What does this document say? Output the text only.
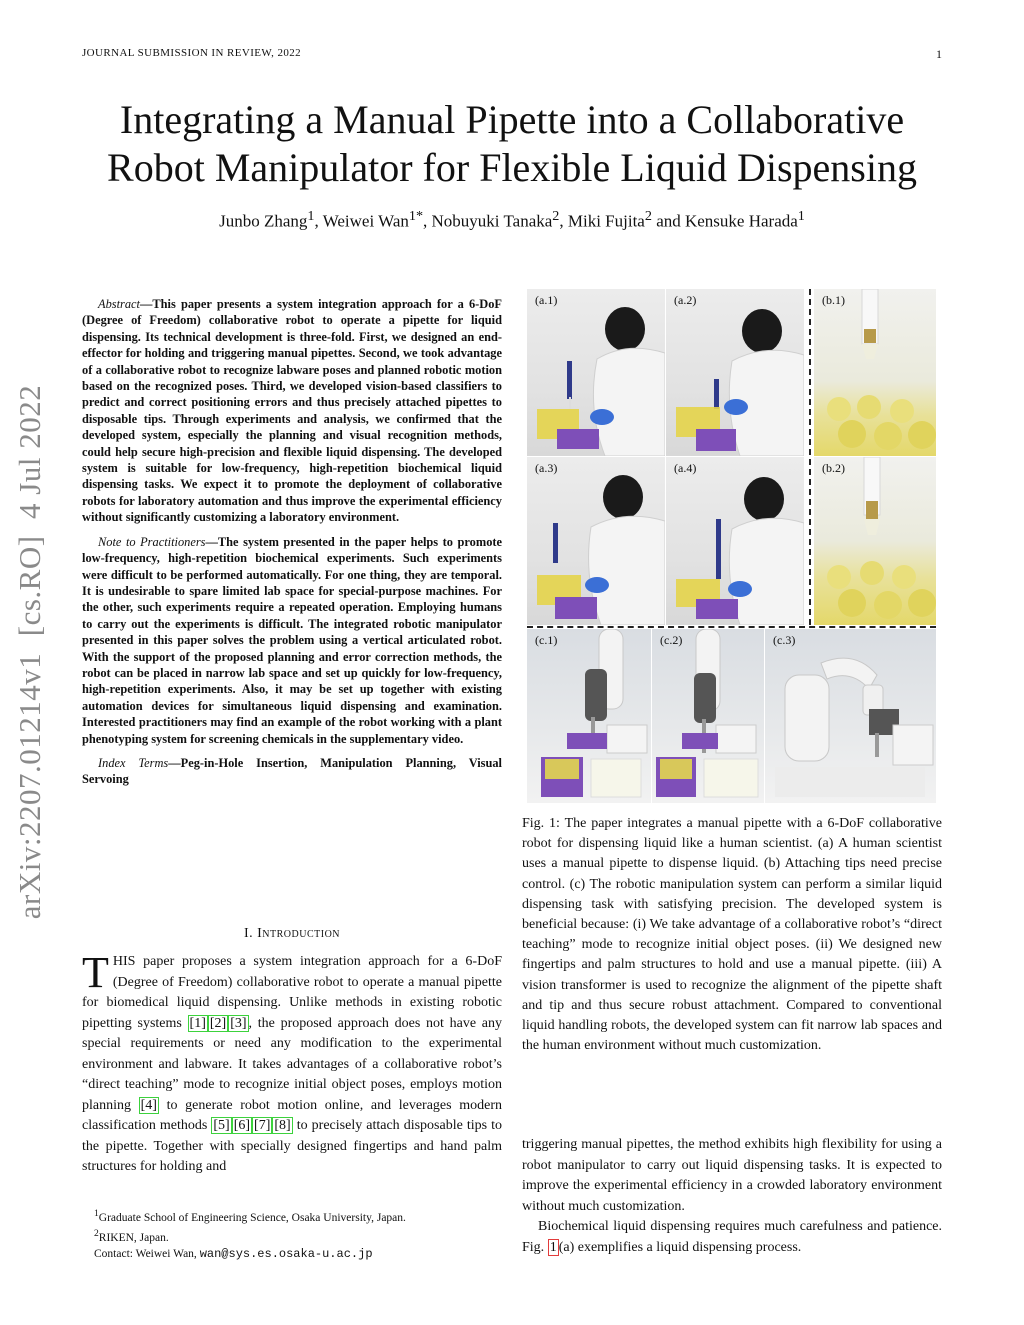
JOURNAL SUBMISSION IN REVIEW, 2022	1
Integrating a Manual Pipette into a Collaborative
Robot Manipulator for Flexible Liquid Dispensing
Junbo Zhang$^1$, Weiwei Wan$^{1*}$, Nobuyuki Tanaka$^2$, Miki Fujita$^2$ and Kensuke Harada$^1$
arXiv:2207.01214v1  [cs.RO]  4 Jul 2022

Abstract—This paper presents a system integration approach for a 6-DoF (Degree of Freedom) collaborative robot to operate a pipette for liquid dispensing. Its technical development is three-fold. First, we designed an end-effector for holding and triggering manual pipettes. Second, we took advantage of a collaborative robot to recognize labware poses and planned robotic motion based on the recognized poses. Third, we developed vision-based classifiers to predict and correct positioning errors and thus precisely attached pipettes to disposable tips. Through experiments and analysis, we confirmed that the developed system, especially the planning and visual recognition methods, could help secure high-precision and flexible liquid dispensing. The developed system is suitable for low-frequency, high-repetition biochemical liquid dispensing tasks. We expect it to promote the deployment of collaborative robots for laboratory automation and thus improve the experimental efficiency without significantly customizing a laboratory environment.

Note to Practitioners—The system presented in the paper helps to promote low-frequency, high-repetition biochemical experiments. Such experiments were difficult to be performed automatically. For one thing, they are temporal. It is undesirable to spare limited lab space for special-purpose machines. For the other, such experiments require a repeated operation. Employing humans to carry out the experiments is difficult. The integrated robotic manipulator presented in this paper solves the problem using a vertical articulated robot. With the support of the proposed planning and error correction methods, the robot can be placed in narrow lab space and set up quickly for low-frequency, high-repetition experiments. Also, it may be set up together with existing automation devices for simultaneous liquid dispensing and examination. Interested practitioners may find an example of the robot working with a plant phenotyping system for screening chemicals in the supplementary video.

Index Terms—Peg-in-Hole Insertion, Manipulation Planning, Visual Servoing

I. Introduction
THIS paper proposes a system integration approach for a 6-DoF (Degree of Freedom) collaborative robot to operate a manual pipette for biomedical liquid dispensing. Unlike methods in existing robotic pipetting systems [1] [2] [3] , the proposed approach does not have any special requirements or need any modification to the experimental environment and labware. It takes advantages of a collaborative robot’s “direct teaching” mode to recognize initial object poses, employs motion planning [4] to generate robot motion online, and leverages modern classification methods [5] [6] [7] [8] to precisely attach disposable tips to the pipette. Together with specially designed fingertips and hand palm structures for holding and
$^1$Graduate School of Engineering Science, Osaka University, Japan.
$^2$RIKEN, Japan.
Contact: Weiwei Wan, wan@sys.es.osaka-u.ac.jp
(a.1)	(a.2)	(b.1)
(a.3)	(a.4)	(b.2)
(c.1)	(c.2)	(c.3)
Fig. 1: The paper integrates a manual pipette with a 6-DoF collaborative robot for dispensing liquid like a human scientist. (a) A human scientist uses a manual pipette to dispense liquid. (b) Attaching tips need precise control. (c) The robotic manipulation system can perform a similar liquid dispensing task with satisfying precision. The developed system is beneficial because: (i) We take advantage of a collaborative robot’s “direct teaching” mode to recognize initial object poses. (ii) We designed new fingertips and palm structures to hold and use a manual pipette. (iii) A vision transformer is used to recognize the alignment of the pipette shaft and tip and thus secure robust attachment. Compared to conventional liquid handling robots, the developed system can fit narrow lab spaces and the human environment without much customization.
triggering manual pipettes, the method exhibits high flexibility for using a robot manipulator to carry out liquid dispensing tasks. It is expected to improve the experimental efficiency in a crowded laboratory environment without much customization.
Biochemical liquid dispensing requires much carefulness and patience. Fig. 1 (a) exemplifies a liquid dispensing process.
